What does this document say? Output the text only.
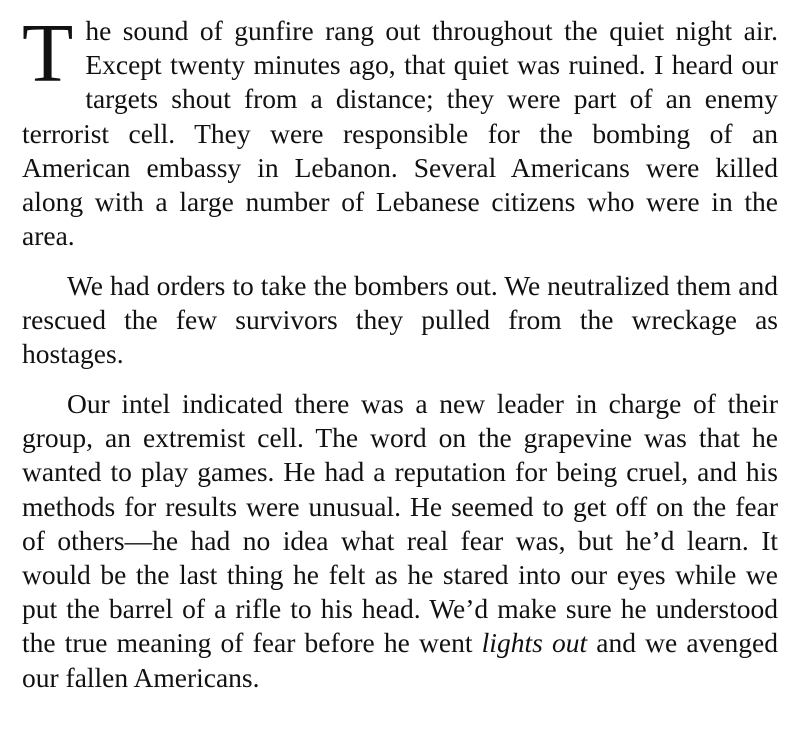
The sound of gunfire rang out throughout the quiet night air. Except twenty minutes ago, that quiet was ruined. I heard our targets shout from a distance; they were part of an enemy terrorist cell. They were responsible for the bombing of an American embassy in Lebanon. Several Americans were killed along with a large number of Lebanese citizens who were in the area.

We had orders to take the bombers out. We neutralized them and rescued the few survivors they pulled from the wreckage as hostages.

Our intel indicated there was a new leader in charge of their group, an extremist cell. The word on the grapevine was that he wanted to play games. He had a reputation for being cruel, and his methods for results were unusual. He seemed to get off on the fear of others—he had no idea what real fear was, but he’d learn. It would be the last thing he felt as he stared into our eyes while we put the barrel of a rifle to his head. We’d make sure he understood the true meaning of fear before he went lights out and we avenged our fallen Americans.
